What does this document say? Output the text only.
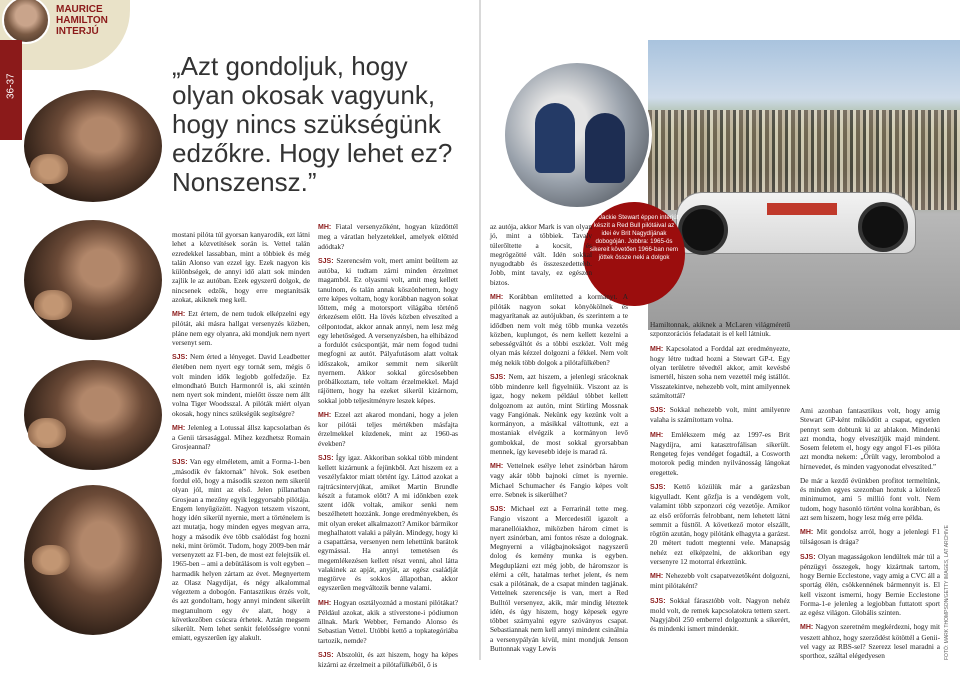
MAURICE
HAMILTON
INTERJÚ
36-37
„Azt gondoljuk, hogy olyan okosak vagyunk, hogy nincs szükségünk edzőkre. Hogy lehet ez? Nonszensz.”

mostani pilóta túl gyorsan kanyarodik, ezt látni lehet a közvetítések során is. Vettel talán ezredekkel lassabban, mint a többiek és még talán Alonso van ezzel így. Ezek nagyon kis különbségek, de annyi idő alatt sok minden zajlik le az autóban. Ezek egyszerű dolgok, de nincsenek edzők, hogy erre megtanítsák azokat, akiknek meg kell.

MH: Ezt értem, de nem tudok elképzelni egy pilótát, aki másra hallgat versenyzés közben, pláne nem egy olyanra, aki mondjuk nem nyert versenyt sem.

SJS: Nem érted a lényeget. David Leadbetter életében nem nyert egy tornát sem, mégis ő volt minden idők legjobb golfedzője. Ez elmondható Butch Harmonról is, aki szintén nem nyert sok mindent, mielőtt össze nem állt volna Tiger Woodsszal. A pilóták miért olyan okosak, hogy nincs szükségük segítségre?

MH: Jelenleg a Lotussal állsz kapcsolatban és a Genii társasággal. Mihez kezdhetsz Romain Grosjeannal?

SJS: Van egy elméletem, amit a Forma-1-ben „második év faktornak” hívok. Sok esetben fordul elő, hogy a második szezon nem sikerül olyan jól, mint az első. Jelen pillanatban Grosjean a mezőny egyik leggyorsabb pilótája. Engem lenyűgözött. Nagyon tetszem viszont, hogy idén sikerül nyernie, mert a történelem is azt mutatja, hogy minden egyes megvan arra, hogy a második éve több csalódást fog hozni neki, mint örömöt. Tudom, hogy 2009-ben már versenyzett az F1-ben, de most ezt felejtsük el. 1965-ben – ami a debütálásom is volt egyben – harmadik helyen zártam az évet. Megnyertem az Olasz Nagydíjat, és négy alkalommal végeztem a dobogón. Fantasztikus érzés volt, és azt gondoltam, hogy annyi mindent sikerült megtanulnom egy év alatt, hogy a következőben csúcsra érhetek. Aztán megsem sikerült. Nem lehet senkit felelősségre vonni emiatt, egyszerűen így alakult.

MH: Fiatal versenyzőként, hogyan küzdöttél meg a váratlan helyzetekkel, amelyek előttéd adódtak?

SJS: Szerencsém volt, mert amint beültem az autóba, ki tudtam zárni minden érzelmet magamból. Ez olyasmi volt, amit meg kellett tanulnom, és talán annak köszönhettem, hogy erre képes voltam, hogy korábban nagyon sokat lőttem, még a motorsport világába történő érkezésem előtt. Ha lövés közben elveszíted a célpontodat, akkor annak annyi, nem lesz még egy lehetőséged. A versenyzésben, ha elhibázod a fordulót csúcspontját, már nem fogod tudni megfogni az autót. Pályafutásom alatt voltak időszakok, amikor semmit nem sikerült nyernem. Akkor sokkal görcsösebben próbálkoztam, tele voltam érzelmekkel. Majd rájöttem, hogy ha ezeket sikerül kizárnom, sokkal jobb teljesítményre leszek képes.

MH: Ezzel azt akarod mondani, hogy a jelen kor pilótái teljes mértékben másfajta érzelmekkel küzdenek, mint az 1960-as években?

SJS: Így igaz. Akkoriban sokkal több mindent kellett kizárnunk a fejünkből. Azt hiszem ez a veszélyfaktor miatt történt így. Láttod azokat a rajtrácsintervjúkat, amiket Martin Brundle készít a futamok előtt? A mi időnkben ezek szent idők voltak, amikor senki nem beszélhetett hozzánk. Jonge eredményekben, és mit olyan ereket alkalmazott? Amikor bármikor meghalhatott valaki a pályán. Mindegy, hogy ki a csapattársa, versenyen nem lehettünk barátok egymással. Ha annyi temetésen és megemlékezésen kellett részt venni, ahol látta valakinek az apját, anyját, az egész családját megtörve és sokkos állapotban, akkor egyszerűen megváltozik benne valami.

MH: Hogyan osztályoznád a mostani pilótákat? Például azokat, akik a stíverstone-i pódiumon állnak. Mark Webber, Fernando Alonso és Sebastian Vettel. Utóbbi kettő a topkategóriába tartozik, nemde?

SJS: Abszolút, és azt hiszem, hogy ha képes kizárni az érzelmeit a pilótafülkéből, ő is

Sir Jackie Stewart éppen interjút készít a Red Bull pilótáival az idei év Brit Nagydíjának dobogóján. Jobbra: 1965-ös sikereit követően 1966-ban nem jöttek össze neki a dolgok

az autója, akkor Mark is van olyan jó, mint a többiek. Tavaly túlerőltette a kocsit, és megrögzötté vált. Idén sokkal nyugodtabb és összeszedettebb. Jobb, mint tavaly, ez egészen biztos.

MH: Korábban említetted a kormányt. A pilóták nagyon sokat könyökölnek és magyarítanak az autójukban, és szerintem a te idődben nem volt még több munka vezetés közben, kuplungot, és nem kellett kezelni a sebességváltót és a többi eszközt. Volt még olyan más kézzel dolgozni a fékkel. Nem volt még nekik több dolgok a pilótafülkében?

SJS: Nem, azt hiszem, a jelenlegi srácoknak több mindenre kell figyelniük. Viszont az is igaz, hogy nekem például többet kellett dolgoznom az autón, mint Stirling Mossnak vagy Fangiónak. Nekünk egy kezünk volt a kormányon, a másikkal váltottunk, ezt a mostaniak elvégzik a kormányon levő gombokkal, de most sokkal gyorsabban mennek, így kevesebb ideje is marad rá.

MH: Vettelnek esélye lehet zsinórban három vagy akár több bajnoki címet is nyernie. Michael Schumacher és Fangio képes volt erre. Sebnek is sikerülhet?

SJS: Michael ezt a Ferrarinál tette meg. Fangio viszont a Mercedestől igazolt a maranellóiakhoz, miközben három címet is nyert zsinórban, ami fontos része a dolognak. Megnyerni a világbajnokságot nagyszerű dolog és kemény munka is egyben. Megduplázni ezt még jobb, de háromszor is elérni a célt, hatalmas terhet jelent, és nem csak a pilótának, de a csapat minden tagjának. Vettelnek szerencséje is van, mert a Red Bulltól versenyez, akik, már mindig léteztek idén, és úgy hiszem, hogy képesek egyre többet szárnyalni egyre szóványos csapat. Sebastiannak nem kell annyi mindent csinálnia a versenypályán kívül, mint mondjuk Jenson Buttonnak vagy Lewis

Hamiltonnak, akiknek a McLaren világméretű szponzorációs feladatait is el kell látniuk.

MH: Kapcsolatod a Forddal azt eredményezte, hogy létre tudtad hozni a Stewart GP-t. Egy olyan területre tévedtél akkor, amit kevésbé ismertél, hiszen soha nem vezettél még istállót. Visszatekintve, nehezebb volt, mint amilyennek számítottál?

SJS: Sokkal nehezebb volt, mint amilyenre valaha is számítottam volna.

MH: Emlékszem még az 1997-es Brit Nagydíjra, ami katasztrofálisan sikerült. Rengeteg fejes vendéget fogadtál, a Cosworth motorok pedig minden nyilvánosság lángokat eregettek.

SJS: Kettő közülük már a garázsban kigyulladt. Kent gőzfja is a vendégem volt, valamint több szponzori cég vezetője. Amikor az első erőforrás felrobbant, nem lehetett látni semmit a füsttől. A következő motor elszállt, rögtön azután, hogy pilótánk elhagyta a garázst. 20 métert tudott megtenni vele. Manapság nehéz ezt elképzelni, de akkoriban egy versenyre 12 motorral érkeztünk.

MH: Nehezebb volt csapatvezetőként dolgozni, mint pilótaként?

SJS: Sokkal fárasztóbb volt. Nagyon nehéz mold volt, de remek kapcsolatokra tettem szert. Nagyjából 250 emberrel dolgoztunk a sikerért, és mindenki ismert mindenkit.

Ami azonban fantasztikus volt, hogy amig Stewart GP-ként működött a csapat, egyetlen pennyt sem dobtunk ki az ablakon. Mindenki azt mondta, hogy elveszítjük majd mindent. Sosem feletem el, hogy egy angol F1-es pilóta azt mondta nekem: „Őrült vagy, lerombolod a hírnevedet, és minden vagyonodat elveszíted.”

De már a kezdő évünkben profitot termeltünk, és minden egyes szezonban hoztuk a kötelező minimumot, ami 5 millió font volt. Nem tudom, hogy hasonló történt volna korábban, és azt sem hiszem, hogy lesz még erre példa.

MH: Mit gondolsz arról, hogy a jelenlegi F1 túlságosan is drága?

SJS: Olyan magasságokon lendültek már túl a pénzügyi összegek, hogy kizártnak tartom, hogy Bernie Ecclestone, vagy amig a CVC áll a sportág élén, csökkennének bármennyit is. El kell viszont ismerni, hogy Bernie Ecclestone Forma-1-e jelenleg a legjobban futtatott sport az egész világon. Globális szinten.

MH: Nagyon szeretném megkérdezni, hogy mit veszett ahhoz, hogy szerződést kötöttél a Genii-vel vagy az RBS-sel? Szerezz lesel maradni a sporthoz, száltal elégedyesen	FOTÓ: MARK THOMPSON/GETTY IMAGES, LAT ARCHIVE
